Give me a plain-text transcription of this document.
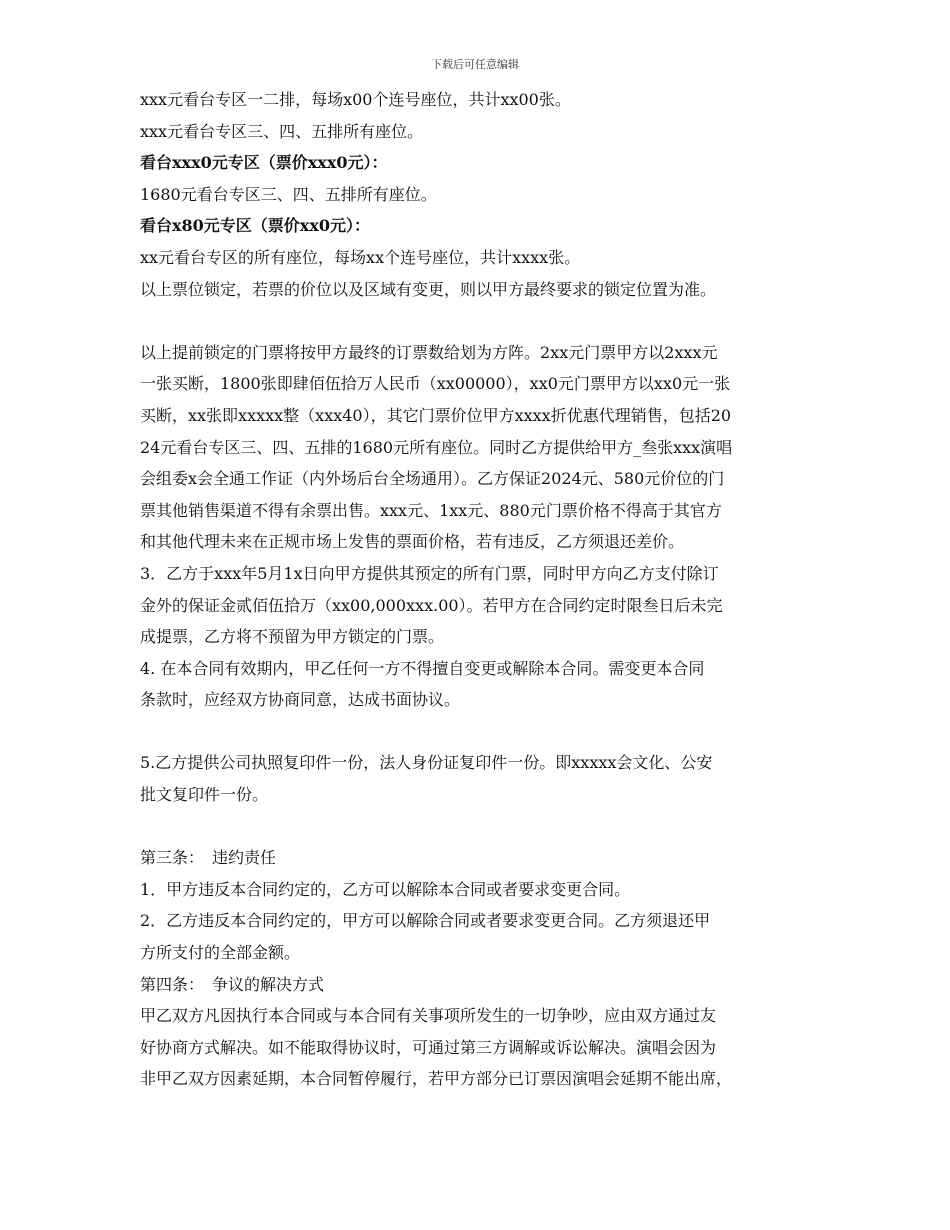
下载后可任意编辑
xxx元看台专区一二排，每场x00个连号座位，共计xx00张。
xxx元看台专区三、四、五排所有座位。
看台xxx0元专区（票价xxx0元）：
1680元看台专区三、四、五排所有座位。
看台x80元专区（票价xx0元）：
xx元看台专区的所有座位，每场xx个连号座位，共计xxxx张。
以上票位锁定，若票的价位以及区域有变更，则以甲方最终要求的锁定位置为准。
以上提前锁定的门票将按甲方最终的订票数给划为方阵。2xx元门票甲方以2xxx元
一张买断，1800张即肆佰伍拾万人民币（xx00000），xx0元门票甲方以xx0元一张
买断，xx张即xxxxx整（xxx40），其它门票价位甲方xxxx折优惠代理销售，包括20
24元看台专区三、四、五排的1680元所有座位。同时乙方提供给甲方_叁张xxx演唱
会组委x会全通工作证（内外场后台全场通用）。乙方保证2024元、580元价位的门
票其他销售渠道不得有余票出售。xxx元、1xx元、880元门票价格不得高于其官方
和其他代理未来在正规市场上发售的票面价格，若有违反，乙方须退还差价。
3．乙方于xxx年5月1x日向甲方提供其预定的所有门票，同时甲方向乙方支付除订
金外的保证金贰佰伍拾万（xx00,000xxx.00）。若甲方在合同约定时限叁日后未完
成提票，乙方将不预留为甲方锁定的门票。
4. 在本合同有效期内，甲乙任何一方不得擅自变更或解除本合同。需变更本合同
条款时，应经双方协商同意，达成书面协议。
5.乙方提供公司执照复印件一份，法人身份证复印件一份。即xxxxx会文化、公安
批文复印件一份。
第三条：　违约责任
1．甲方违反本合同约定的，乙方可以解除本合同或者要求变更合同。
2．乙方违反本合同约定的，甲方可以解除合同或者要求变更合同。乙方须退还甲
方所支付的全部金额。
第四条：　争议的解决方式
甲乙双方凡因执行本合同或与本合同有关事项所发生的一切争吵，应由双方通过友
好协商方式解决。如不能取得协议时，可通过第三方调解或诉讼解决。演唱会因为
非甲乙双方因素延期，本合同暂停履行，若甲方部分已订票因演唱会延期不能出席，
